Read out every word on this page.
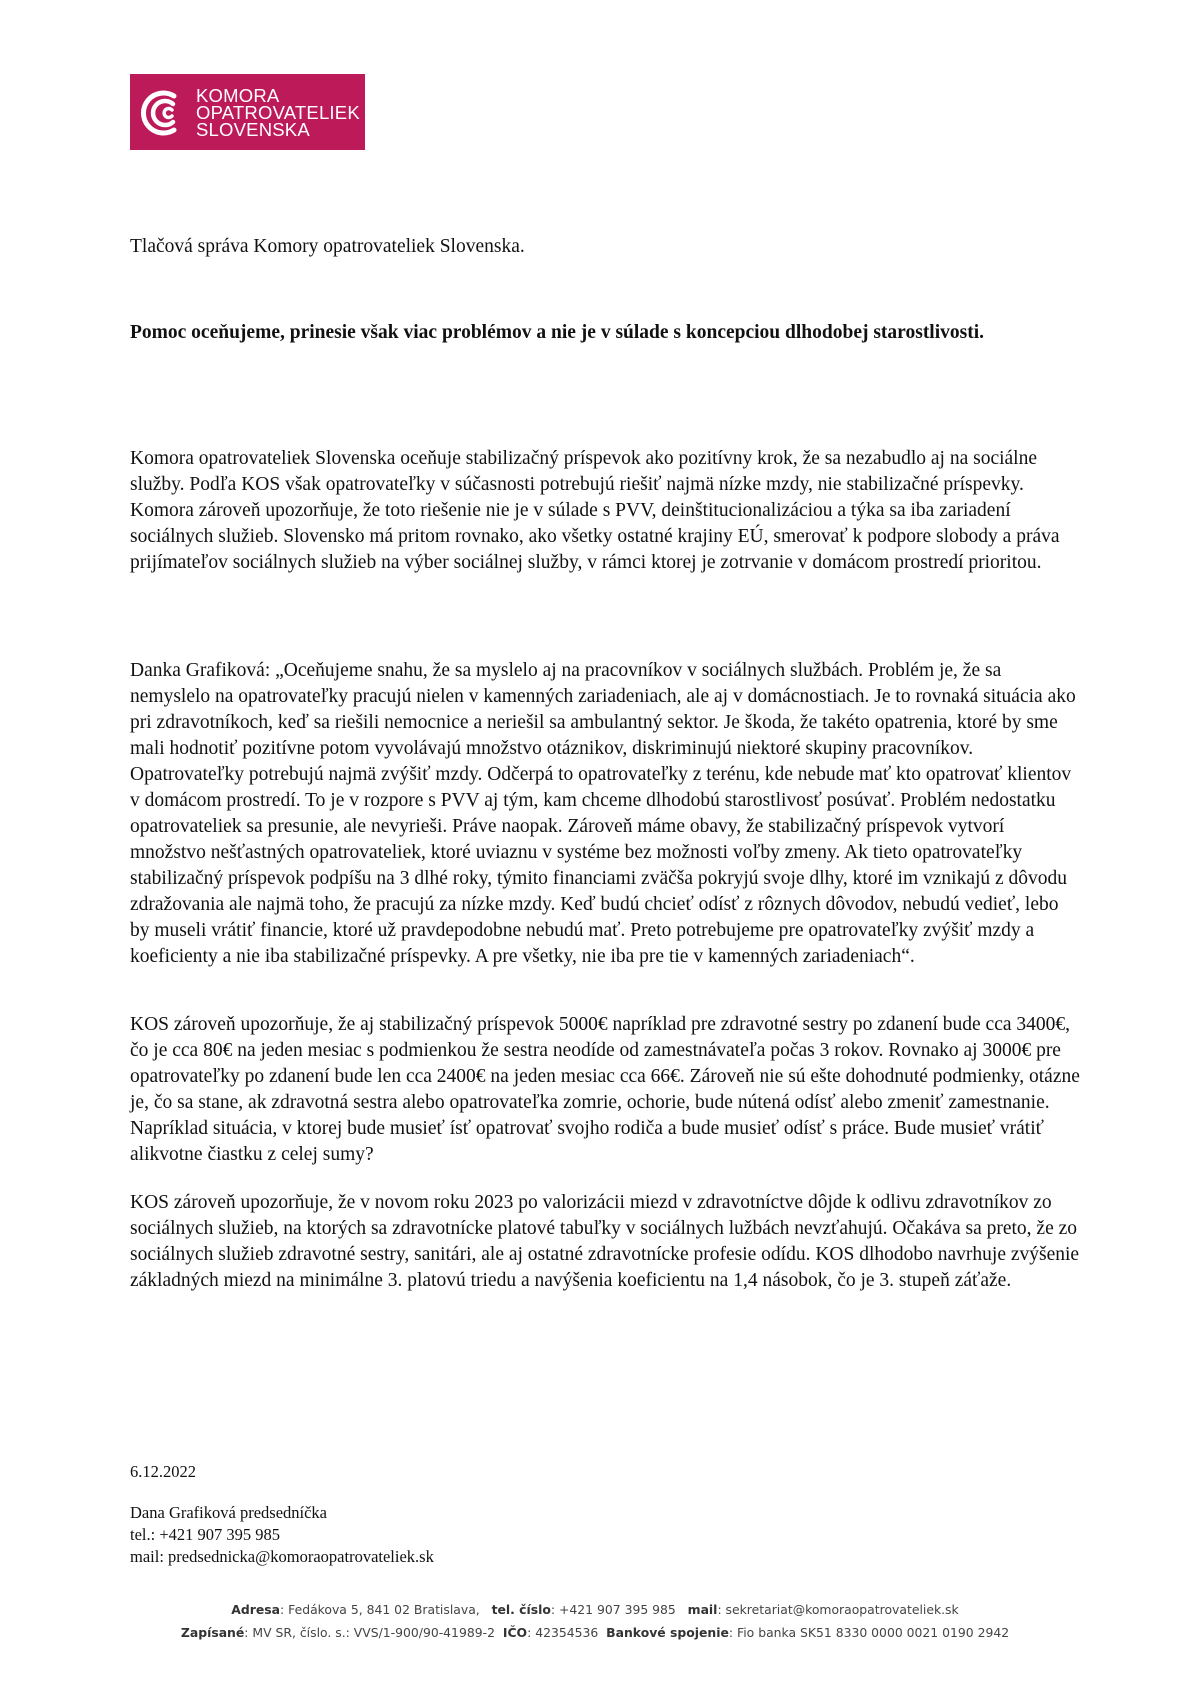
KOMORA
OPATROVATELIEK
SLOVENSKA
Tlačová správa Komory opatrovateliek Slovenska.
Pomoc oceňujeme, prinesie však viac problémov a nie je v súlade s koncepciou dlhodobej starostlivosti.
Komora opatrovateliek Slovenska oceňuje stabilizačný príspevok ako pozitívny krok, že sa nezabudlo aj na sociálne služby. Podľa KOS však opatrovateľky v súčasnosti potrebujú riešiť najmä nízke mzdy, nie stabilizačné príspevky. Komora zároveň upozorňuje, že toto riešenie nie je v súlade s PVV, deinštitucionalizáciou a týka sa iba zariadení sociálnych služieb. Slovensko má pritom rovnako, ako všetky ostatné krajiny EÚ, smerovať k podpore slobody a práva prijímateľov sociálnych služieb na výber sociálnej služby, v rámci ktorej je zotrvanie v domácom prostredí prioritou.
Danka Grafiková: „Oceňujeme snahu, že sa myslelo aj na pracovníkov v sociálnych službách. Problém je, že sa nemyslelo na opatrovateľky pracujú nielen v kamenných zariadeniach, ale aj v domácnostiach. Je to rovnaká situácia ako pri zdravotníkoch, keď sa riešili nemocnice a neriešil sa ambulantný sektor. Je škoda, že takéto opatrenia, ktoré by sme mali hodnotiť pozitívne potom vyvolávajú množstvo otáznikov, diskriminujú niektoré skupiny pracovníkov. Opatrovateľky potrebujú najmä zvýšiť mzdy. Odčerpá to opatrovateľky z terénu, kde nebude mať kto opatrovať klientov v domácom prostredí. To je v rozpore s PVV aj tým, kam chceme dlhodobú starostlivosť posúvať. Problém nedostatku opatrovateliek sa presunie, ale nevyrieši. Práve naopak. Zároveň máme obavy, že stabilizačný príspevok vytvorí množstvo nešťastných opatrovateliek, ktoré uviaznu v systéme bez možnosti voľby zmeny. Ak tieto opatrovateľky stabilizačný príspevok podpíšu na 3 dlhé roky, týmito financiami zväčša pokryjú svoje dlhy, ktoré im vznikajú z dôvodu zdražovania ale najmä toho, že pracujú za nízke mzdy. Keď budú chcieť odísť z rôznych dôvodov, nebudú vedieť, lebo by museli vrátiť financie, ktoré už pravdepodobne nebudú mať. Preto potrebujeme pre opatrovateľky zvýšiť mzdy a koeficienty a nie iba stabilizačné príspevky. A pre všetky, nie iba pre tie v kamenných zariadeniach“.
KOS zároveň upozorňuje, že aj stabilizačný príspevok 5000€ napríklad pre zdravotné sestry po zdanení bude cca 3400€, čo je cca 80€ na jeden mesiac s podmienkou že sestra neodíde od zamestnávateľa počas 3 rokov. Rovnako aj 3000€ pre opatrovateľky po zdanení bude len cca 2400€ na jeden mesiac cca 66€. Zároveň nie sú ešte dohodnuté podmienky, otázne je, čo sa stane, ak zdravotná sestra alebo opatrovateľka zomrie, ochorie, bude nútená odísť alebo zmeniť zamestnanie. Napríklad situácia, v ktorej bude musieť ísť opatrovať svojho rodiča a bude musieť odísť s práce. Bude musieť vrátiť alikvotne čiastku z celej sumy?
KOS zároveň upozorňuje, že v novom roku 2023 po valorizácii miezd v zdravotníctve dôjde k odlivu zdravotníkov zo sociálnych služieb, na ktorých sa zdravotnícke platové tabuľky v sociálnych lužbách nevzťahujú. Očakáva sa preto, že zo sociálnych služieb zdravotné sestry, sanitári, ale aj ostatné zdravotnícke profesie odídu. KOS dlhodobo navrhuje zvýšenie základných miezd na minimálne 3. platovú triedu a navýšenia koeficientu na 1,4 násobok, čo je 3. stupeň záťaže.
6.12.2022
Dana Grafiková predsedníčka
tel.: +421 907 395 985
mail: predsednicka@komoraopatrovateliek.sk
Adresa: Fedákova 5, 841 02 Bratislava, tel. číslo: +421 907 395 985 mail: sekretariat@komoraopatrovateliek.sk
Zapísané: MV SR, číslo. s.: VVS/1-900/90-41989-2 IČO: 42354536 Bankové spojenie: Fio banka SK51 8330 0000 0021 0190 2942
